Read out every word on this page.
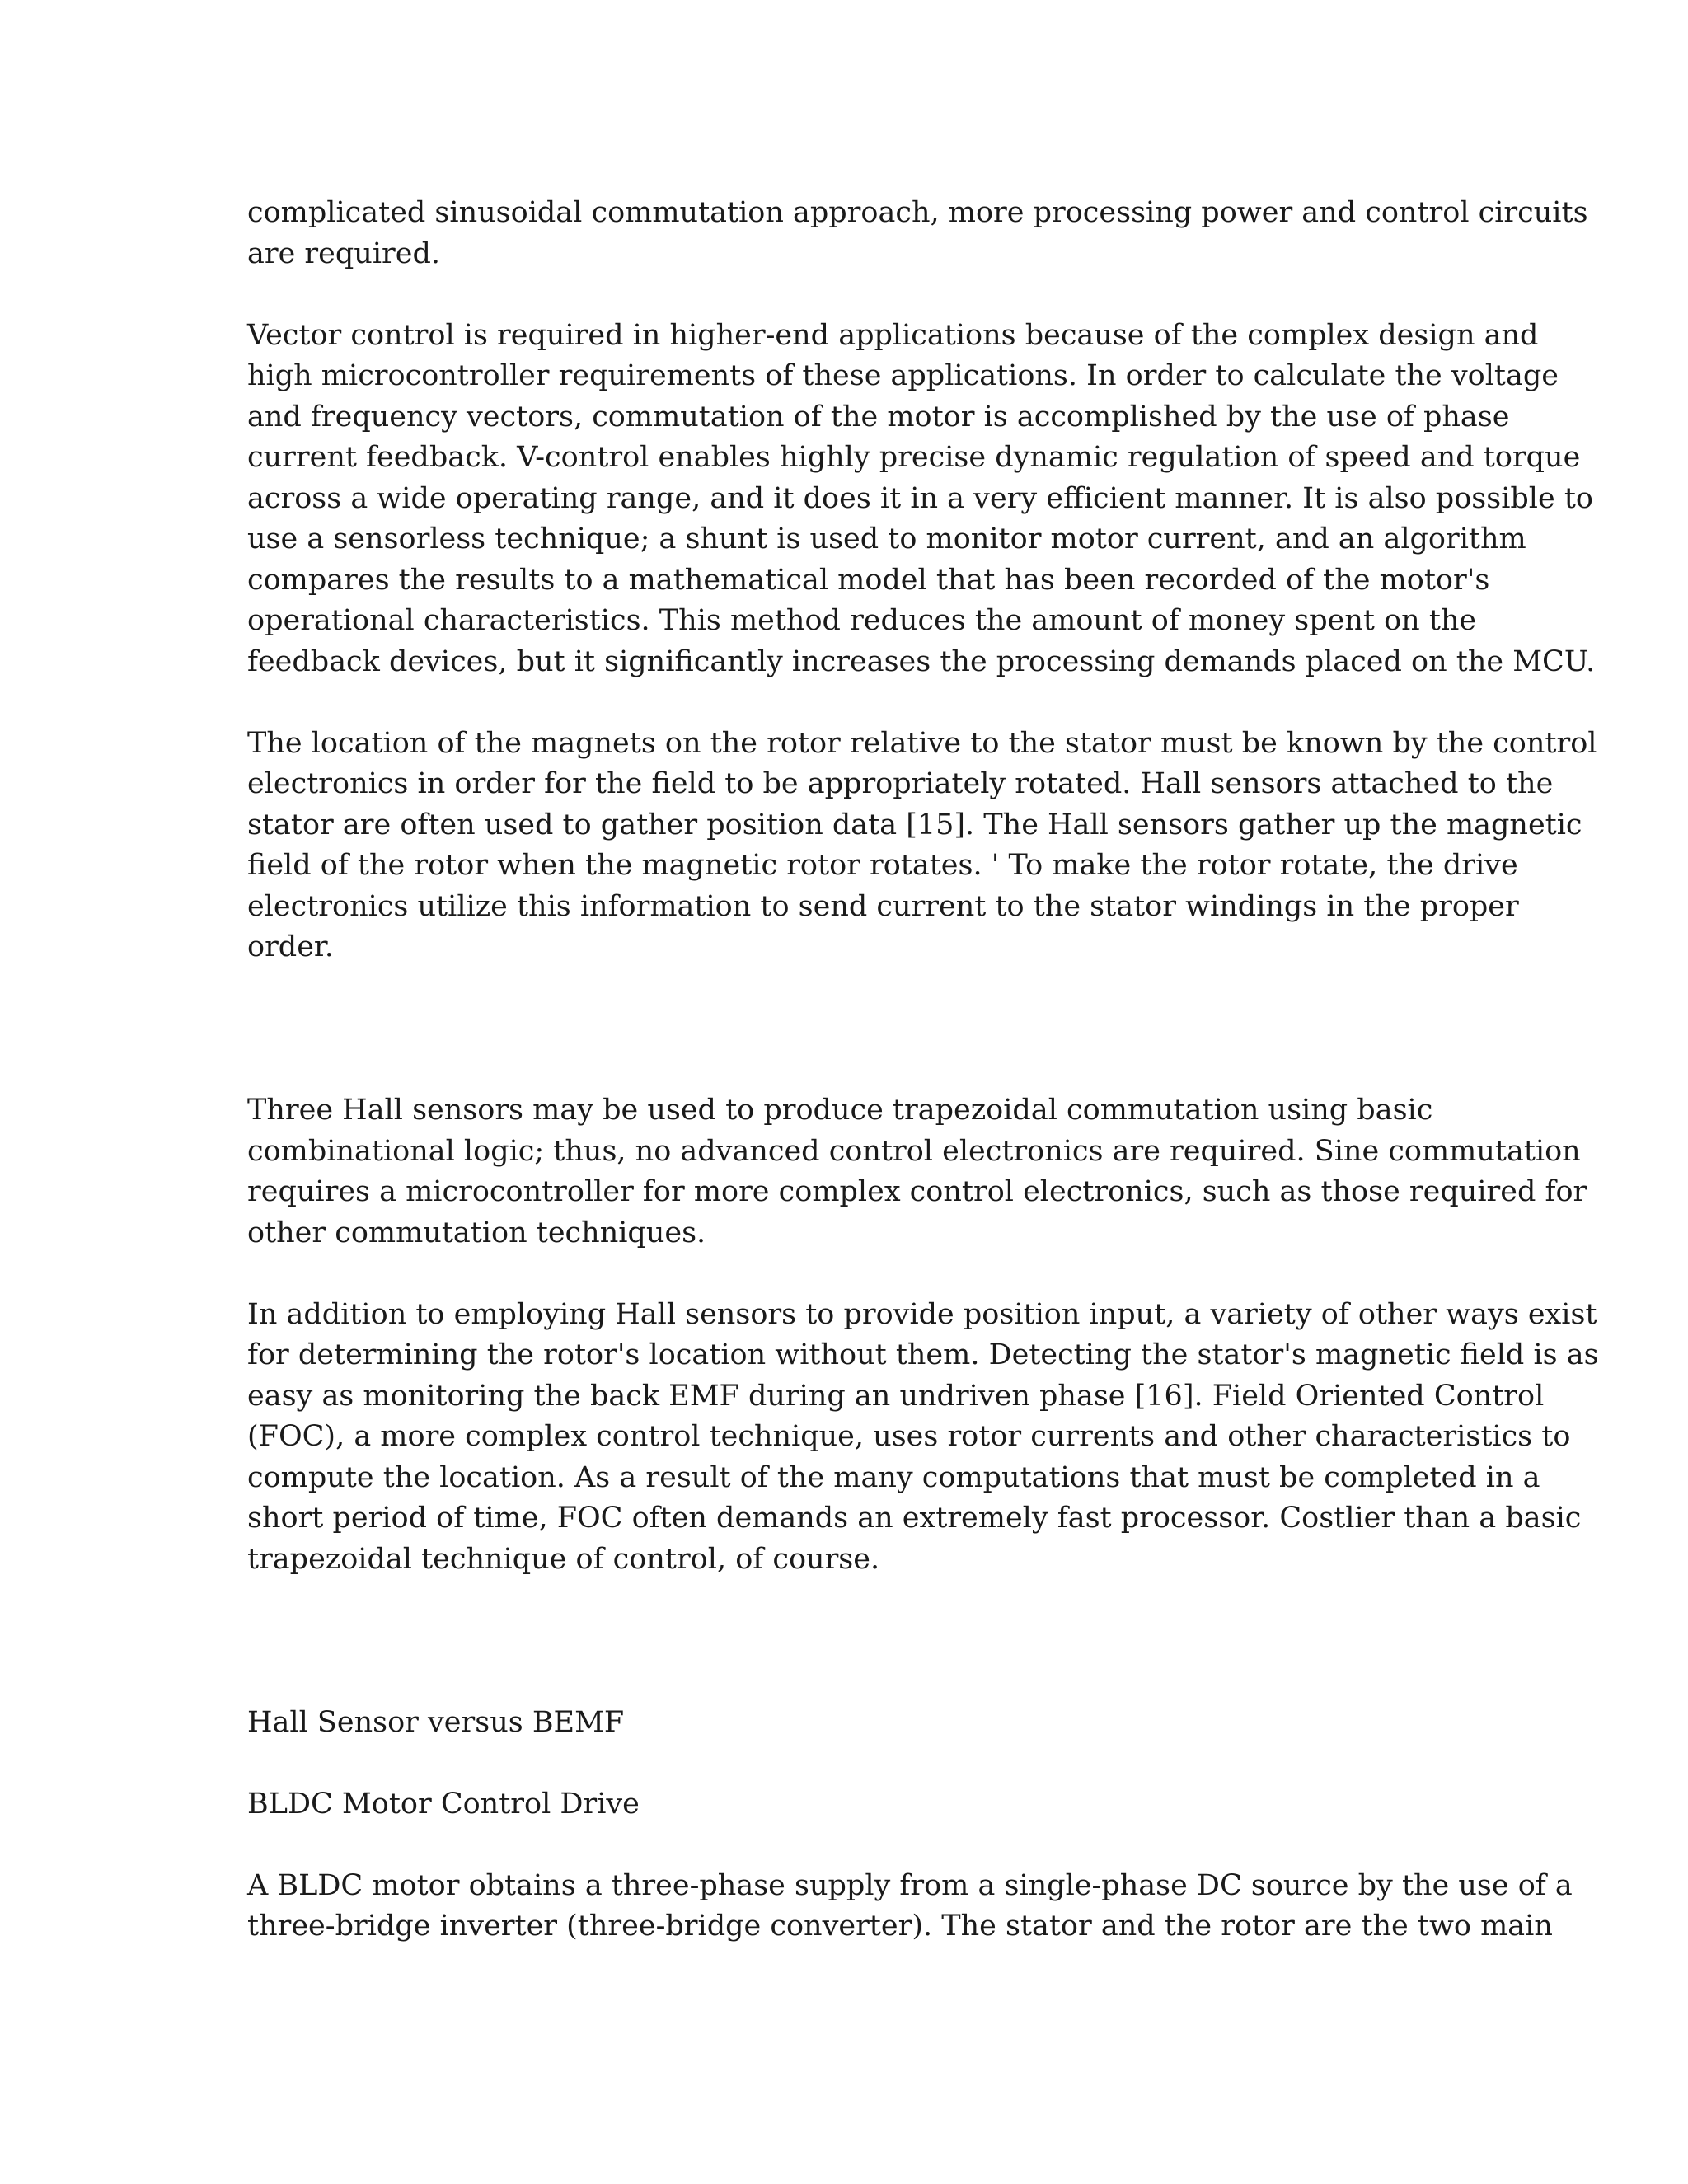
complicated sinusoidal commutation approach, more processing power and control circuits
are required.
Vector control is required in higher-end applications because of the complex design and
high microcontroller requirements of these applications. In order to calculate the voltage
and frequency vectors, commutation of the motor is accomplished by the use of phase
current feedback. V-control enables highly precise dynamic regulation of speed and torque
across a wide operating range, and it does it in a very efficient manner. It is also possible to
use a sensorless technique; a shunt is used to monitor motor current, and an algorithm
compares the results to a mathematical model that has been recorded of the motor's
operational characteristics. This method reduces the amount of money spent on the
feedback devices, but it significantly increases the processing demands placed on the MCU.
The location of the magnets on the rotor relative to the stator must be known by the control
electronics in order for the field to be appropriately rotated. Hall sensors attached to the
stator are often used to gather position data [15]. The Hall sensors gather up the magnetic
field of the rotor when the magnetic rotor rotates. ' To make the rotor rotate, the drive
electronics utilize this information to send current to the stator windings in the proper
order.
Three Hall sensors may be used to produce trapezoidal commutation using basic
combinational logic; thus, no advanced control electronics are required. Sine commutation
requires a microcontroller for more complex control electronics, such as those required for
other commutation techniques.
In addition to employing Hall sensors to provide position input, a variety of other ways exist
for determining the rotor's location without them. Detecting the stator's magnetic field is as
easy as monitoring the back EMF during an undriven phase [16]. Field Oriented Control
(FOC), a more complex control technique, uses rotor currents and other characteristics to
compute the location. As a result of the many computations that must be completed in a
short period of time, FOC often demands an extremely fast processor. Costlier than a basic
trapezoidal technique of control, of course.
Hall Sensor versus BEMF
BLDC Motor Control Drive
A BLDC motor obtains a three-phase supply from a single-phase DC source by the use of a
three-bridge inverter (three-bridge converter). The stator and the rotor are the two main
